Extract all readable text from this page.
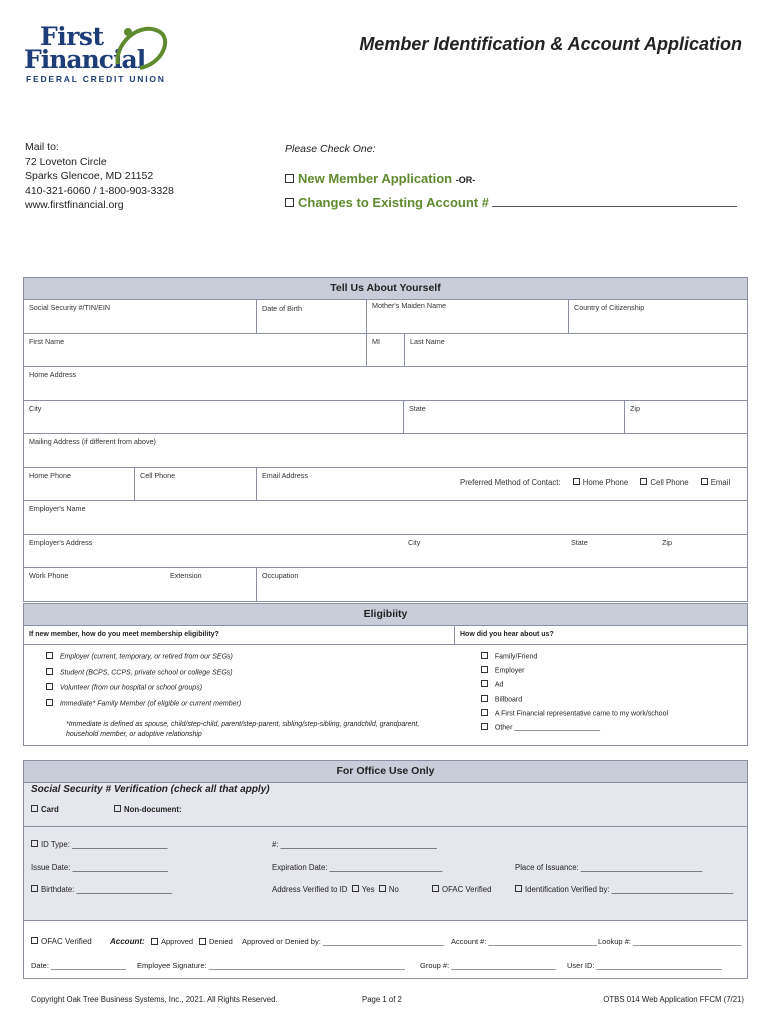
First
Financial
FEDERAL CREDIT UNION
Member Identification & Account Application
Mail to:
72 Loveton Circle
Sparks Glencoe, MD 21152
410-321-6060 / 1-800-903-3328
www.firstfinancial.org
Please Check One:
New Member Application -OR-
Changes to Existing Account #
Tell Us About Yourself
Social Security #/TIN/EIN	Date of Birth	Mother's Maiden Name	Country of Citizenship
First Name	MI	Last Name
Home Address
City	State	Zip
Mailing Address (if different from above)
Home Phone	Cell Phone	Email Address
Preferred Method of Contact:	Home Phone	Cell Phone	Email
Employer's Name
Employer's Address	City	State	Zip
Work Phone	Extension	Occupation
Eligibiity
If new member, how do you meet membership eligibility?	How did you hear about us?
Employer (current, temporary, or retired from our SEGs)
Student (BCPS, CCPS, private school or college SEGs)
Volunteer (from our hospital or school groups)
Immediate* Family Member (of eligible or current member)
*Immediate is defined as spouse, child/step-child, parent/step-parent, sibling/step-sibling, grandchild, grandparent, household member, or adoptive relationship
Family/Friend
Employer
Ad
Billboard
A First Financial representative came to my work/school
Other ______________________
For Office Use Only
Social Security # Verification (check all that apply)
Card	Non-document:
ID Type: ______________________	#: ____________________________________
Issue Date: ______________________	Expiration Date: __________________________	Place of Issuance: ____________________________
Birthdate: ______________________	Address Verified to ID Yes No	OFAC Verified	Identification Verified by: ____________________________
OFAC Verified Account:	Approved	Denied Approved or Denied by: _____________________________ Account #: __________________________ Lookup #: __________________________
Date: __________________ Employee Signature: _______________________________________________ Group #: _________________________ User ID: ______________________________
Copyright Oak Tree Business Systems, Inc., 2021. All Rights Reserved.	Page 1 of 2	OTBS 014 Web Application FFCM (7/21)
